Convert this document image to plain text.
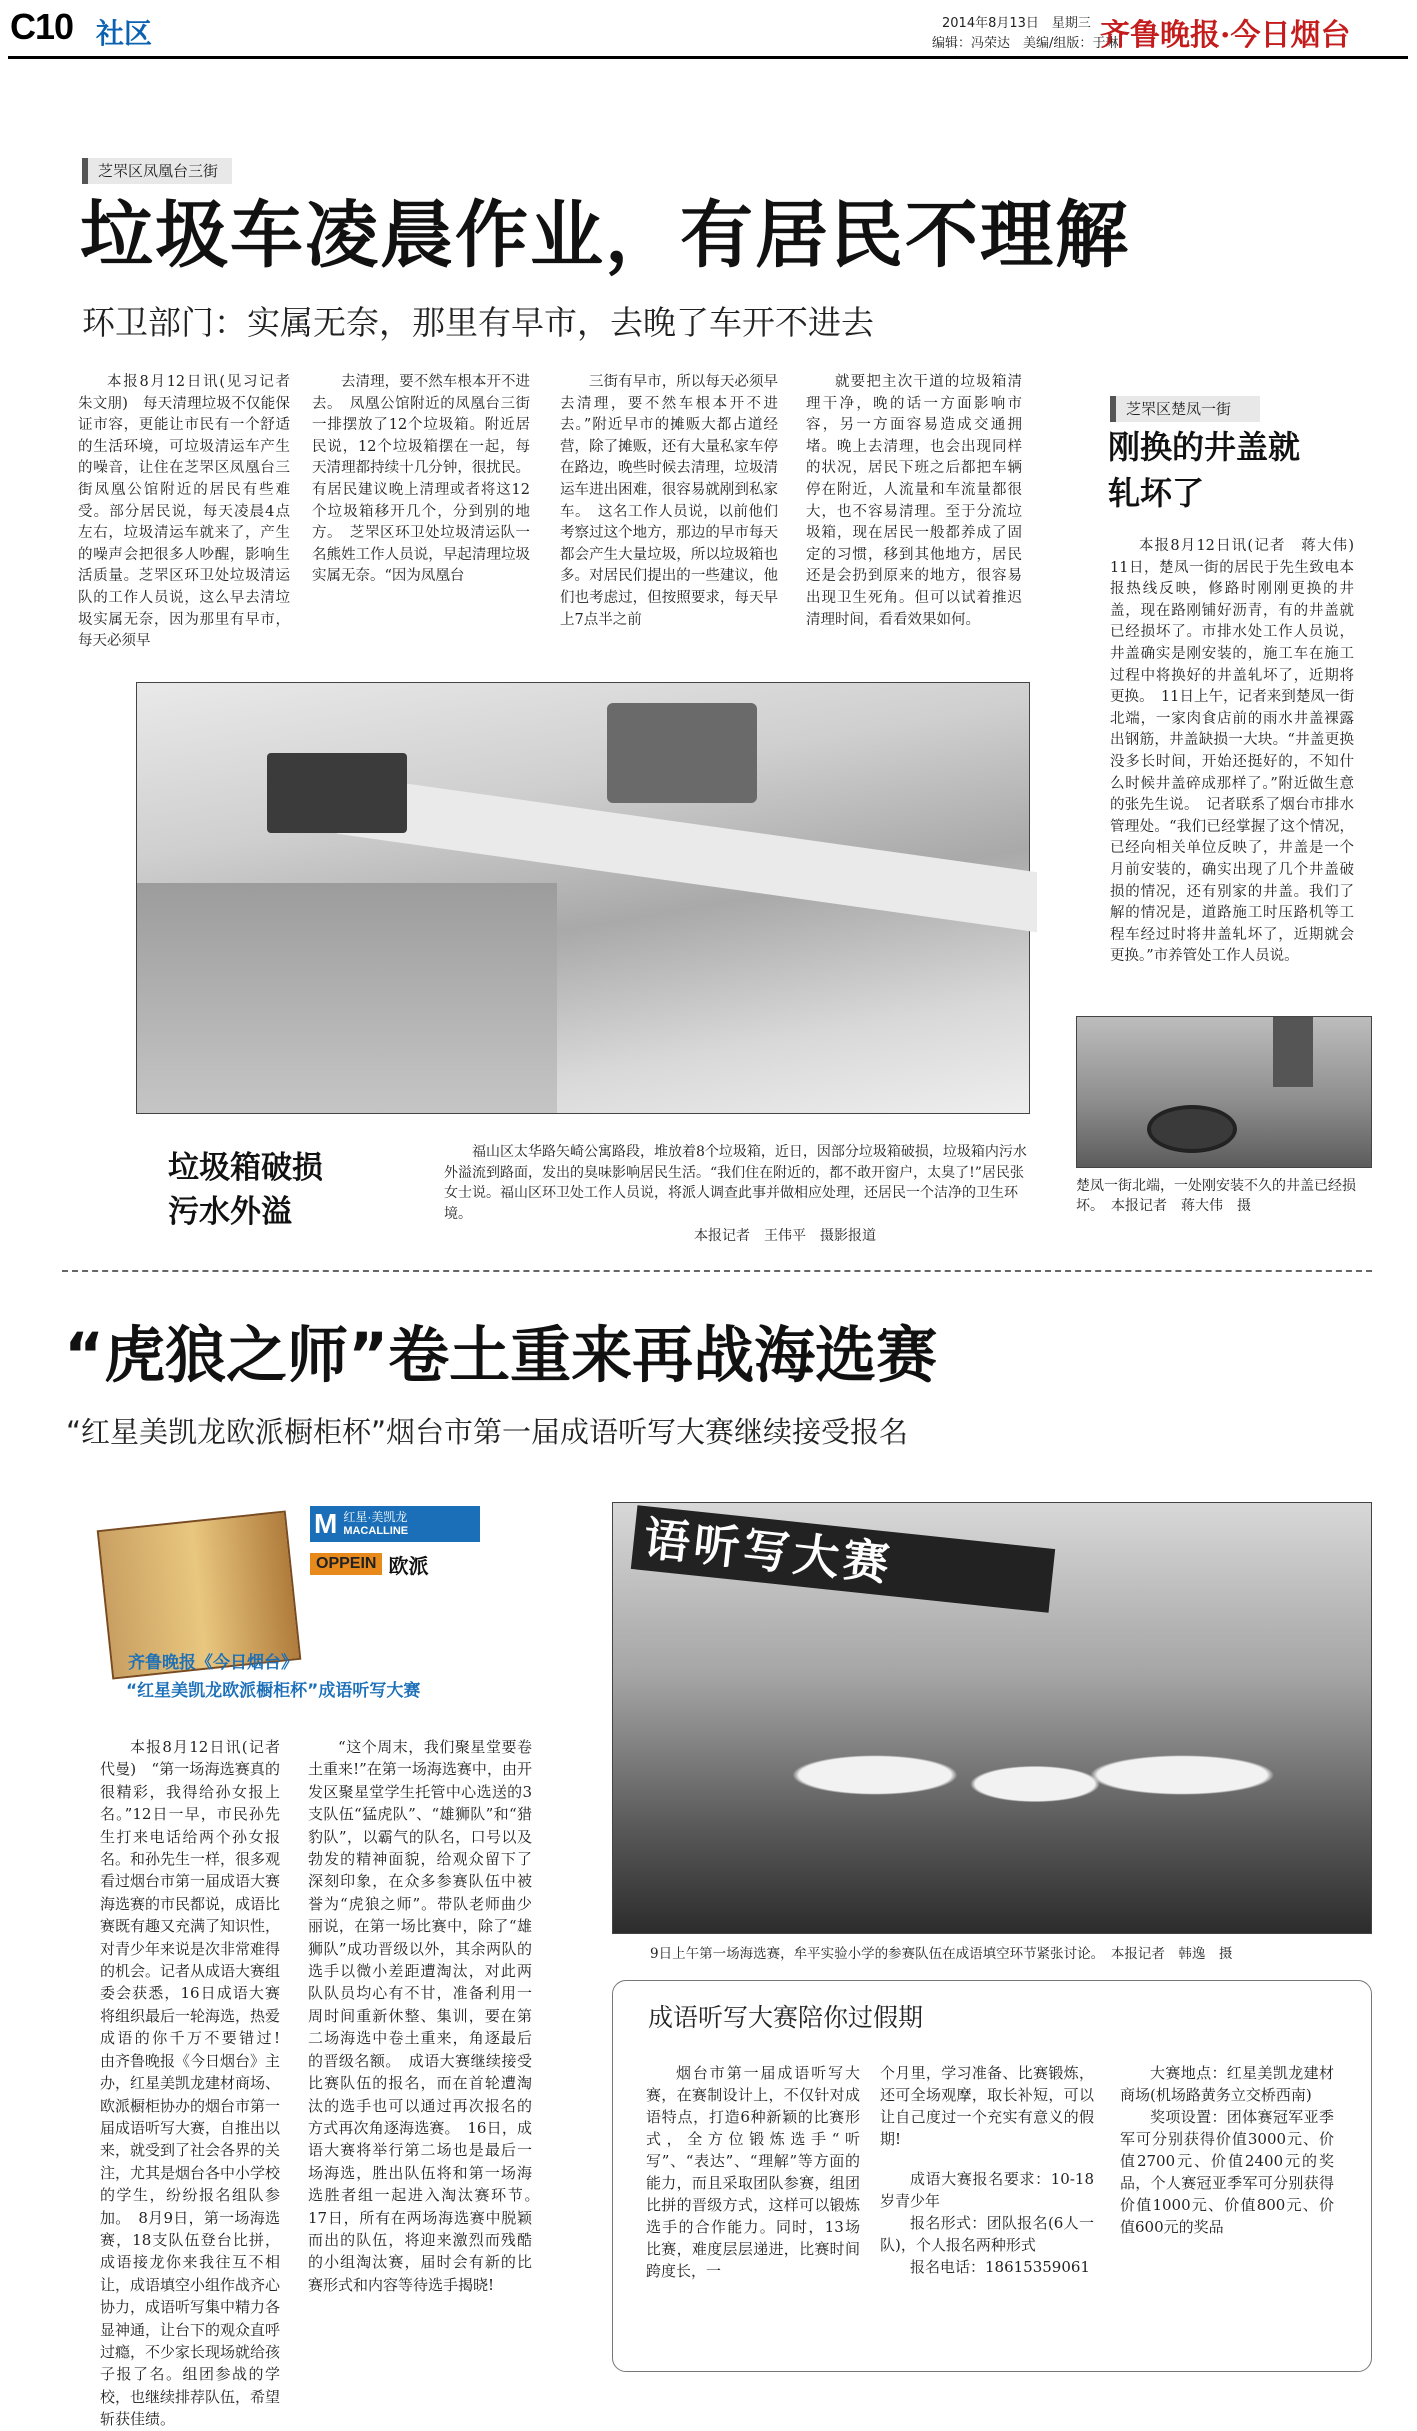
C10 社区	2014年8月13日　星期三
编辑：冯荣达　美编/组版：于琳
齐鲁晚报·今日烟台
芝罘区凤凰台三街
垃圾车凌晨作业，有居民不理解
环卫部门：实属无奈，那里有早市，去晚了车开不进去
本报8月12日讯(见习记者　朱文朋)　每天清理垃圾不仅能保证市容，更能让市民有一个舒适的生活环境，可垃圾清运车产生的噪音，让住在芝罘区凤凰台三街凤凰公馆附近的居民有些难受。部分居民说，每天凌晨4点左右，垃圾清运车就来了，产生的噪声会把很多人吵醒，影响生活质量。芝罘区环卫处垃圾清运队的工作人员说，这么早去清垃圾实属无奈，因为那里有早市，每天必须早
去清理，要不然车根本开不进去。　凤凰公馆附近的凤凰台三街一排摆放了12个垃圾箱。附近居民说，12个垃圾箱摆在一起，每天清理都持续十几分钟，很扰民。有居民建议晚上清理或者将这12个垃圾箱移开几个，分到别的地方。　芝罘区环卫处垃圾清运队一名熊姓工作人员说，早起清理垃圾实属无奈。“因为凤凰台
三街有早市，所以每天必须早去清理，要不然车根本开不进去。”附近早市的摊贩大都占道经营，除了摊贩，还有大量私家车停在路边，晚些时候去清理，垃圾清运车进出困难，很容易就剐到私家车。　这名工作人员说，以前他们考察过这个地方，那边的早市每天都会产生大量垃圾，所以垃圾箱也多。对居民们提出的一些建议，他们也考虑过，但按照要求，每天早上7点半之前
就要把主次干道的垃圾箱清理干净，晚的话一方面影响市容，另一方面容易造成交通拥堵。晚上去清理，也会出现同样的状况，居民下班之后都把车辆停在附近，人流量和车流量都很大，也不容易清理。至于分流垃圾箱，现在居民一般都养成了固定的习惯，移到其他地方，居民还是会扔到原来的地方，很容易出现卫生死角。但可以试着推迟清理时间，看看效果如何。
芝罘区楚凤一街
刚换的井盖就轧坏了
本报8月12日讯(记者　蒋大伟)　11日，楚凤一街的居民于先生致电本报热线反映，修路时刚刚更换的井盖，现在路刚铺好沥青，有的井盖就已经损坏了。市排水处工作人员说，井盖确实是刚安装的，施工车在施工过程中将换好的井盖轧坏了，近期将更换。　11日上午，记者来到楚凤一街北端，一家肉食店前的雨水井盖裸露出钢筋，井盖缺损一大块。“井盖更换没多长时间，开始还挺好的，不知什么时候井盖碎成那样了。”附近做生意的张先生说。　记者联系了烟台市排水管理处。“我们已经掌握了这个情况，已经向相关单位反映了，井盖是一个月前安装的，确实出现了几个井盖破损的情况，还有别家的井盖。我们了解的情况是，道路施工时压路机等工程车经过时将井盖轧坏了，近期就会更换。”市养管处工作人员说。
楚凤一街北端，一处刚安装不久的井盖已经损坏。　本报记者　蒋大伟　摄
垃圾箱破损
污水外溢
福山区太华路矢崎公寓路段，堆放着8个垃圾箱，近日，因部分垃圾箱破损，垃圾箱内污水外溢流到路面，发出的臭味影响居民生活。“我们住在附近的，都不敢开窗户，太臭了!”居民张女士说。福山区环卫处工作人员说，将派人调查此事并做相应处理，还居民一个洁净的卫生环境。
本报记者　王伟平　摄影报道
“虎狼之师”卷土重来再战海选赛
“红星美凯龙欧派橱柜杯”烟台市第一届成语听写大赛继续接受报名
M 红星·美凯龙
MACALLINE
OPPEIN 欧派
齐鲁晚报《今日烟台》
“红星美凯龙欧派橱柜杯”成语听写大赛
本报8月12日讯(记者　代曼)　“第一场海选赛真的很精彩，我得给孙女报上名。”12日一早，市民孙先生打来电话给两个孙女报名。和孙先生一样，很多观看过烟台市第一届成语大赛海选赛的市民都说，成语比赛既有趣又充满了知识性，对青少年来说是次非常难得的机会。记者从成语大赛组委会获悉，16日成语大赛将组织最后一轮海选，热爱成语的你千万不要错过!　由齐鲁晚报《今日烟台》主办，红星美凯龙建材商场、欧派橱柜协办的烟台市第一届成语听写大赛，自推出以来，就受到了社会各界的关注，尤其是烟台各中小学校的学生，纷纷报名组队参加。　8月9日，第一场海选赛，18支队伍登台比拼，成语接龙你来我往互不相让，成语填空小组作战齐心协力，成语听写集中精力各显神通，让台下的观众直呼过瘾，不少家长现场就给孩子报了名。组团参战的学校，也继续排荐队伍，希望斩获佳绩。
“这个周末，我们聚星堂要卷土重来!”在第一场海选赛中，由开发区聚星堂学生托管中心选送的3支队伍“猛虎队”、“雄狮队”和“猎豹队”，以霸气的队名，口号以及勃发的精神面貌，给观众留下了深刻印象，在众多参赛队伍中被誉为“虎狼之师”。带队老师曲少丽说，在第一场比赛中，除了“雄狮队”成功晋级以外，其余两队的选手以微小差距遭淘汰，对此两队队员均心有不甘，准备利用一周时间重新休整、集训，要在第二场海选中卷土重来，角逐最后的晋级名额。　成语大赛继续接受比赛队伍的报名，而在首轮遭淘汰的选手也可以通过再次报名的方式再次角逐海选赛。　16日，成语大赛将举行第二场也是最后一场海选，胜出队伍将和第一场海选胜者组一起进入淘汰赛环节。　17日，所有在两场海选赛中脱颖而出的队伍，将迎来激烈而残酷的小组淘汰赛，届时会有新的比赛形式和内容等待选手揭晓!
语听写大赛
9日上午第一场海选赛，牟平实验小学的参赛队伍在成语填空环节紧张讨论。　本报记者　韩逸　摄
成语听写大赛陪你过假期
烟台市第一届成语听写大赛，在赛制设计上，不仅针对成语特点，打造6种新颖的比赛形式，全方位锻炼选手“听写”、“表达”、“理解”等方面的能力，而且采取团队参赛，组团比拼的晋级方式，这样可以锻炼选手的合作能力。同时，13场比赛，难度层层递进，比赛时间跨度长，一
个月里，学习准备、比赛锻炼，还可全场观摩，取长补短，可以让自己度过一个充实有意义的假期!
成语大赛报名要求：10-18岁青少年
报名形式：团队报名(6人一队)，个人报名两种形式
报名电话：18615359061
大赛地点：红星美凯龙建材商场(机场路黄务立交桥西南)
奖项设置：团体赛冠军亚季军可分别获得价值3000元、价值2700元、价值2400元的奖品，个人赛冠亚季军可分别获得价值1000元、价值800元、价值600元的奖品
